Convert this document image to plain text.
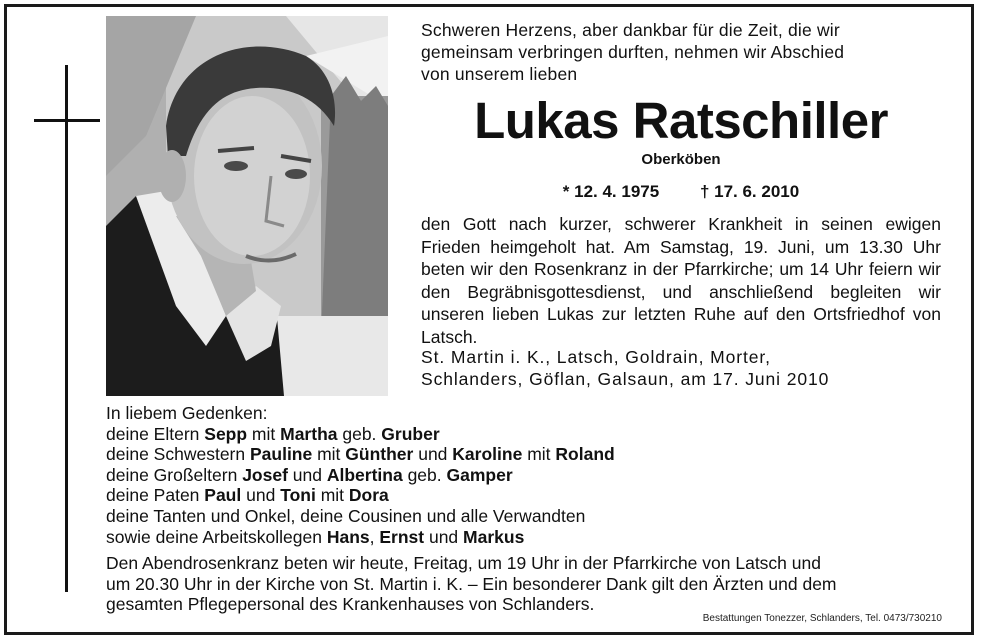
Schweren Herzens, aber dankbar für die Zeit, die wir
gemeinsam verbringen durften, nehmen wir Abschied
von unserem lieben
Lukas Ratschiller
Oberköben
* 12. 4. 1975 † 17. 6. 2010

den Gott nach kurzer, schwerer Krankheit in seinen ewigen Frieden heimgeholt hat. Am Samstag, 19. Juni, um 13.30 Uhr beten wir den Rosenkranz in der Pfarrkirche; um 14 Uhr feiern wir den Begräbnisgottesdienst, und anschließend begleiten wir unseren lieben Lukas zur letzten Ruhe auf den Ortsfriedhof von Latsch.

St. Martin i. K., Latsch, Goldrain, Morter,
Schlanders, Göflan, Galsaun, am 17. Juni 2010
In liebem Gedenken:
deine Eltern Sepp mit Martha geb. Gruber
deine Schwestern Pauline mit Günther und Karoline mit Roland
deine Großeltern Josef und Albertina geb. Gamper
deine Paten Paul und Toni mit Dora
deine Tanten und Onkel, deine Cousinen und alle Verwandten
sowie deine Arbeitskollegen Hans, Ernst und Markus
Den Abendrosenkranz beten wir heute, Freitag, um 19 Uhr in der Pfarrkirche von Latsch und
um 20.30 Uhr in der Kirche von St. Martin i. K. – Ein besonderer Dank gilt den Ärzten und dem
gesamten Pflegepersonal des Krankenhauses von Schlanders.
Bestattungen Tonezzer, Schlanders, Tel. 0473/730210
